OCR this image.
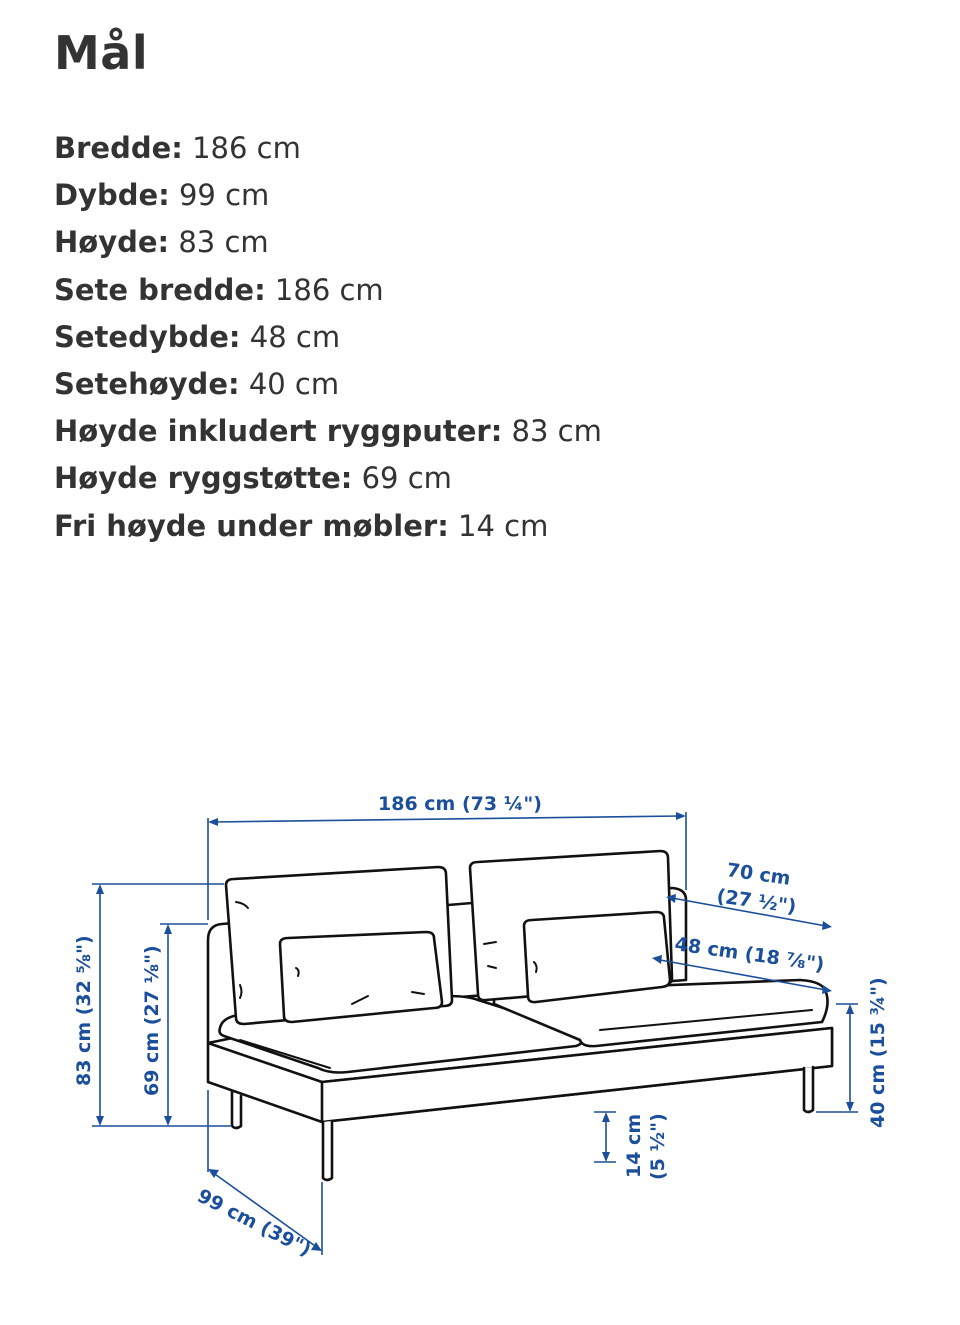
Mål
Bredde: 186 cm
Dybde: 99 cm
Høyde: 83 cm
Sete bredde: 186 cm
Setedybde: 48 cm
Setehøyde: 40 cm
Høyde inkludert ryggputer: 83 cm
Høyde ryggstøtte: 69 cm
Fri høyde under møbler: 14 cm
186 cm (73 ¼")
83 cm (32 ⅝") 69 cm (27 ⅛")
99 cm (39")
70 cm
(27 ½")
48 cm (18 ⅞")
40 cm (15 ¾")
14 cm (5 ½")
